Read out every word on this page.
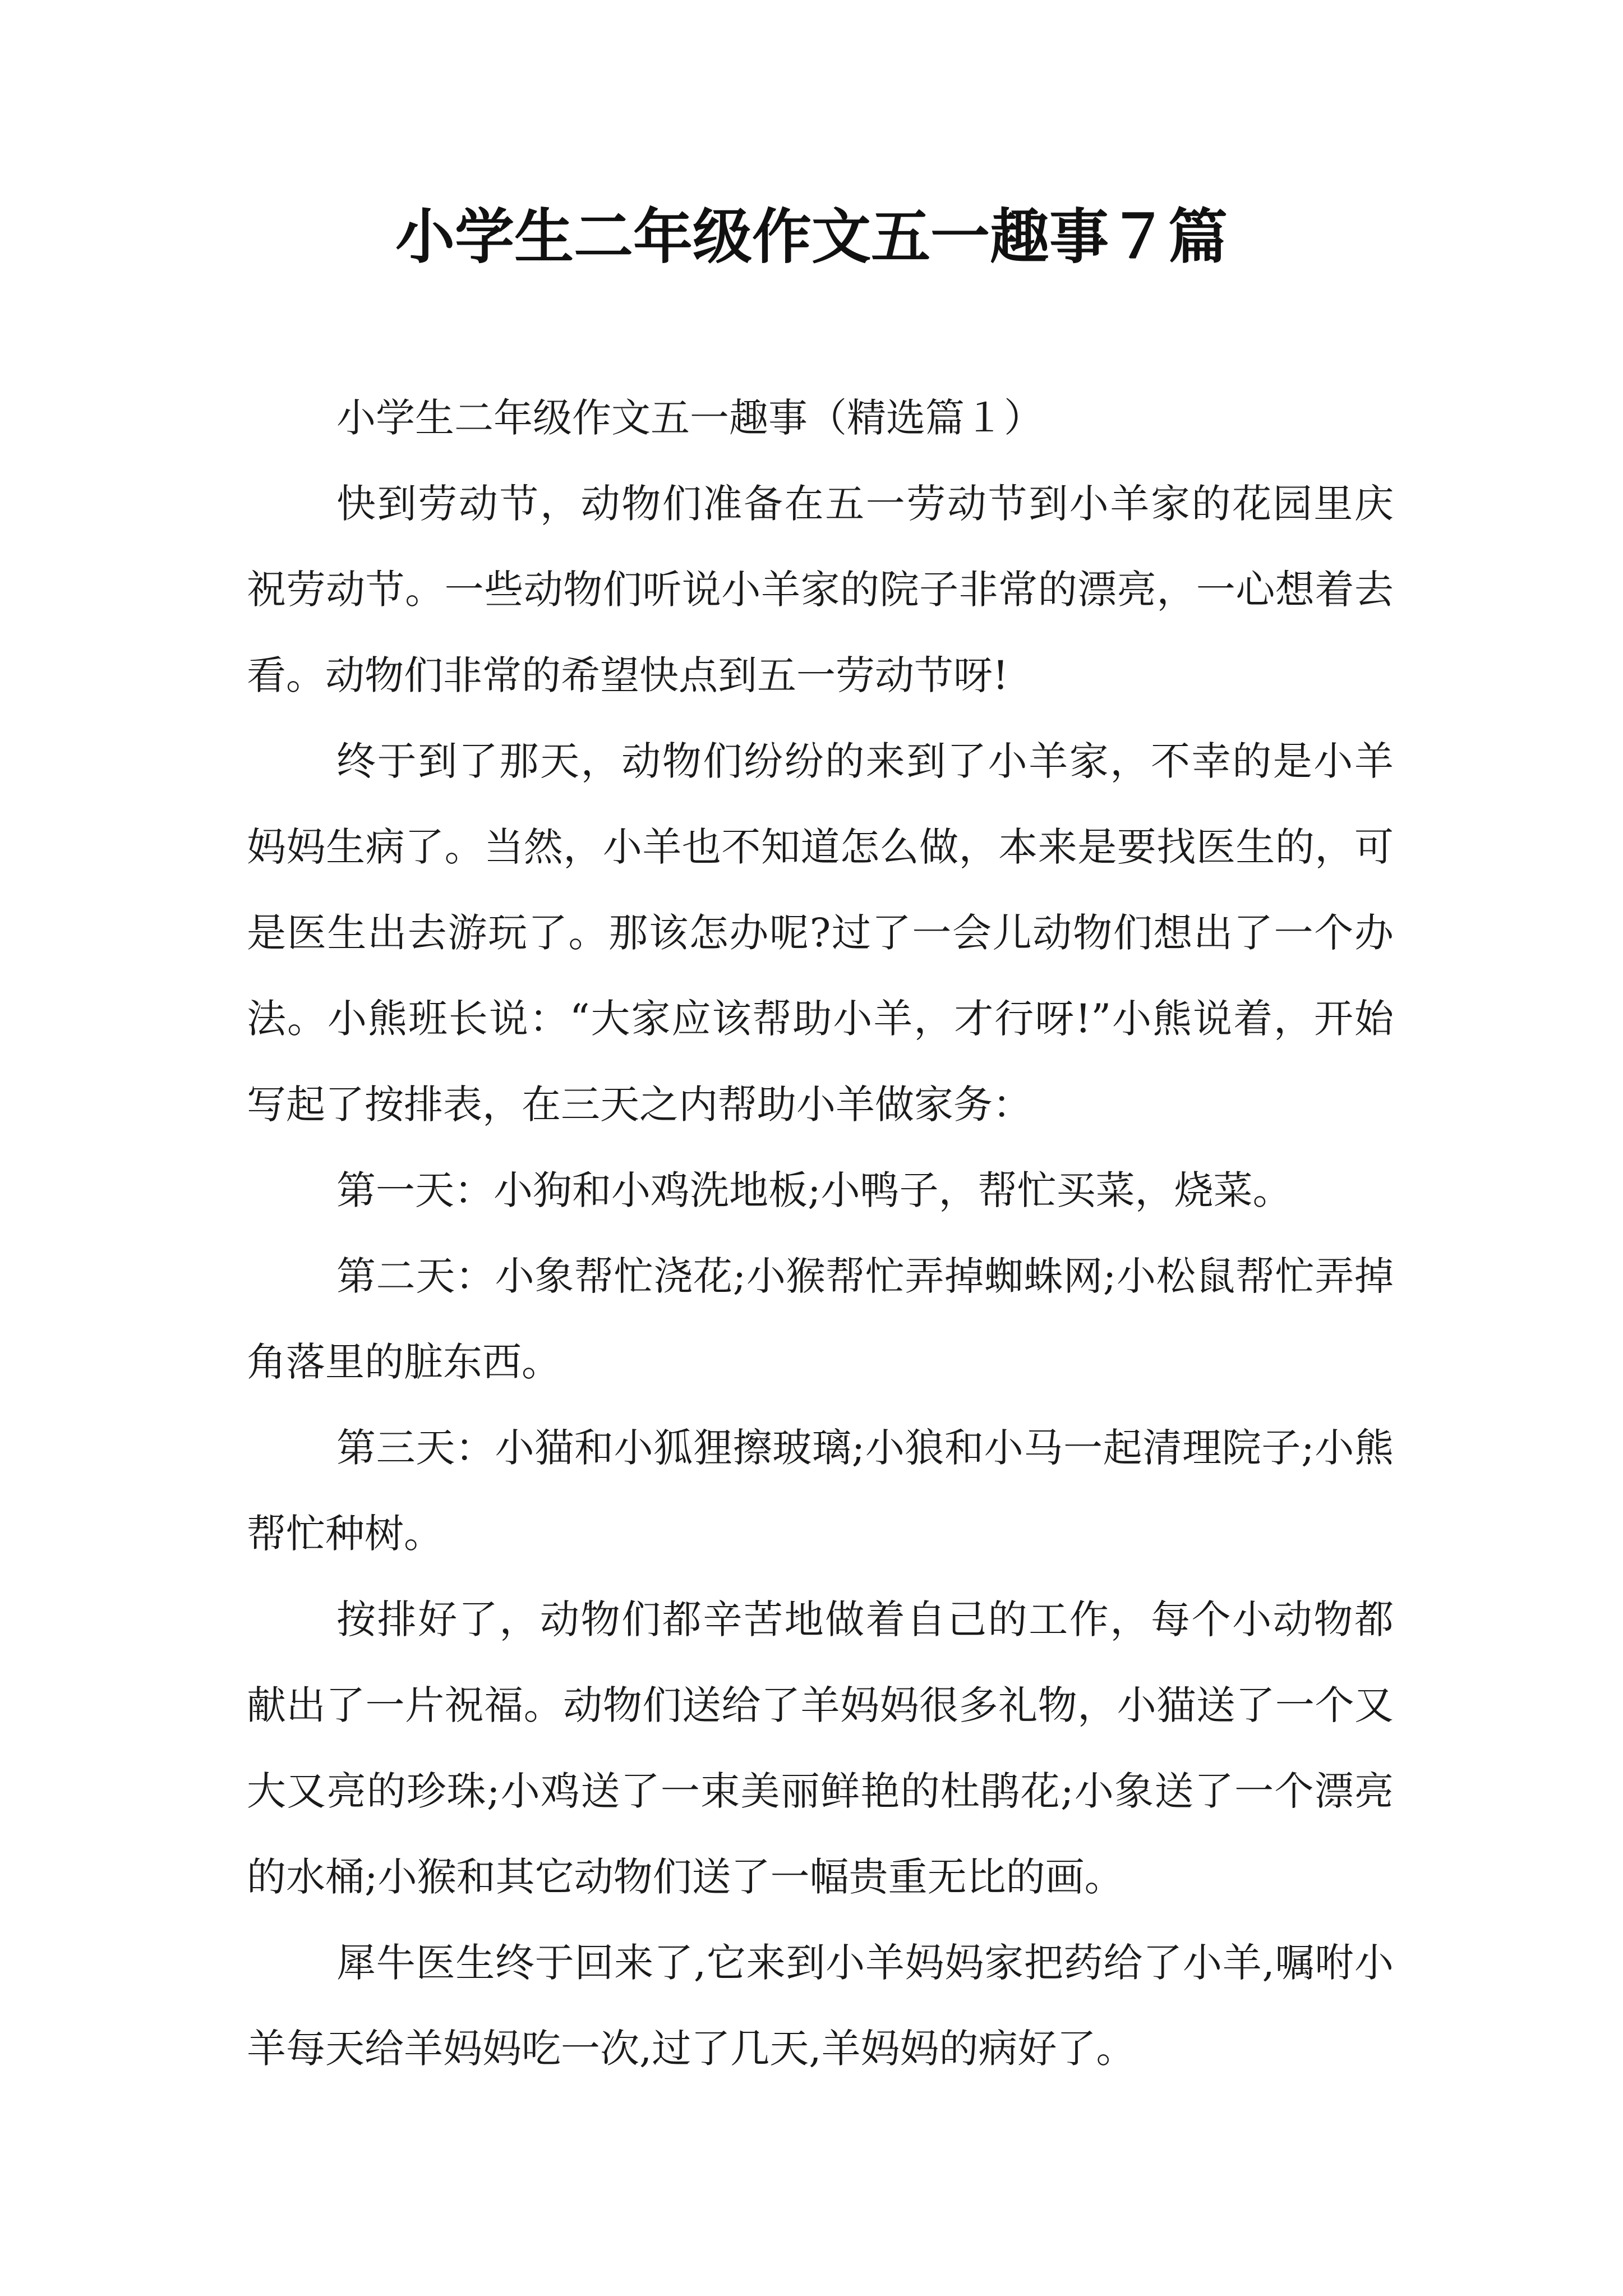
小学生二年级作文五一趣事７篇

小学生二年级作文五一趣事（精选篇１）

快到劳动节，动物们准备在五一劳动节到小羊家的花园里庆祝劳动节。一些动物们听说小羊家的院子非常的漂亮，一心想着去看。动物们非常的希望快点到五一劳动节呀!

终于到了那天，动物们纷纷的来到了小羊家，不幸的是小羊妈妈生病了。当然，小羊也不知道怎么做，本来是要找医生的，可是医生出去游玩了。那该怎办呢?过了一会儿动物们想出了一个办法。小熊班长说：“大家应该帮助小羊，才行呀!”小熊说着，开始写起了按排表，在三天之内帮助小羊做家务：

第一天：小狗和小鸡洗地板;小鸭子，帮忙买菜，烧菜。

第二天：小象帮忙浇花;小猴帮忙弄掉蜘蛛网;小松鼠帮忙弄掉角落里的脏东西。

第三天：小猫和小狐狸擦玻璃;小狼和小马一起清理院子;小熊帮忙种树。

按排好了，动物们都辛苦地做着自己的工作，每个小动物都献出了一片祝福。动物们送给了羊妈妈很多礼物，小猫送了一个又大又亮的珍珠;小鸡送了一束美丽鲜艳的杜鹃花;小象送了一个漂亮的水桶;小猴和其它动物们送了一幅贵重无比的画。

犀牛医生终于回来了,它来到小羊妈妈家把药给了小羊,嘱咐小羊每天给羊妈妈吃一次,过了几天,羊妈妈的病好了。
